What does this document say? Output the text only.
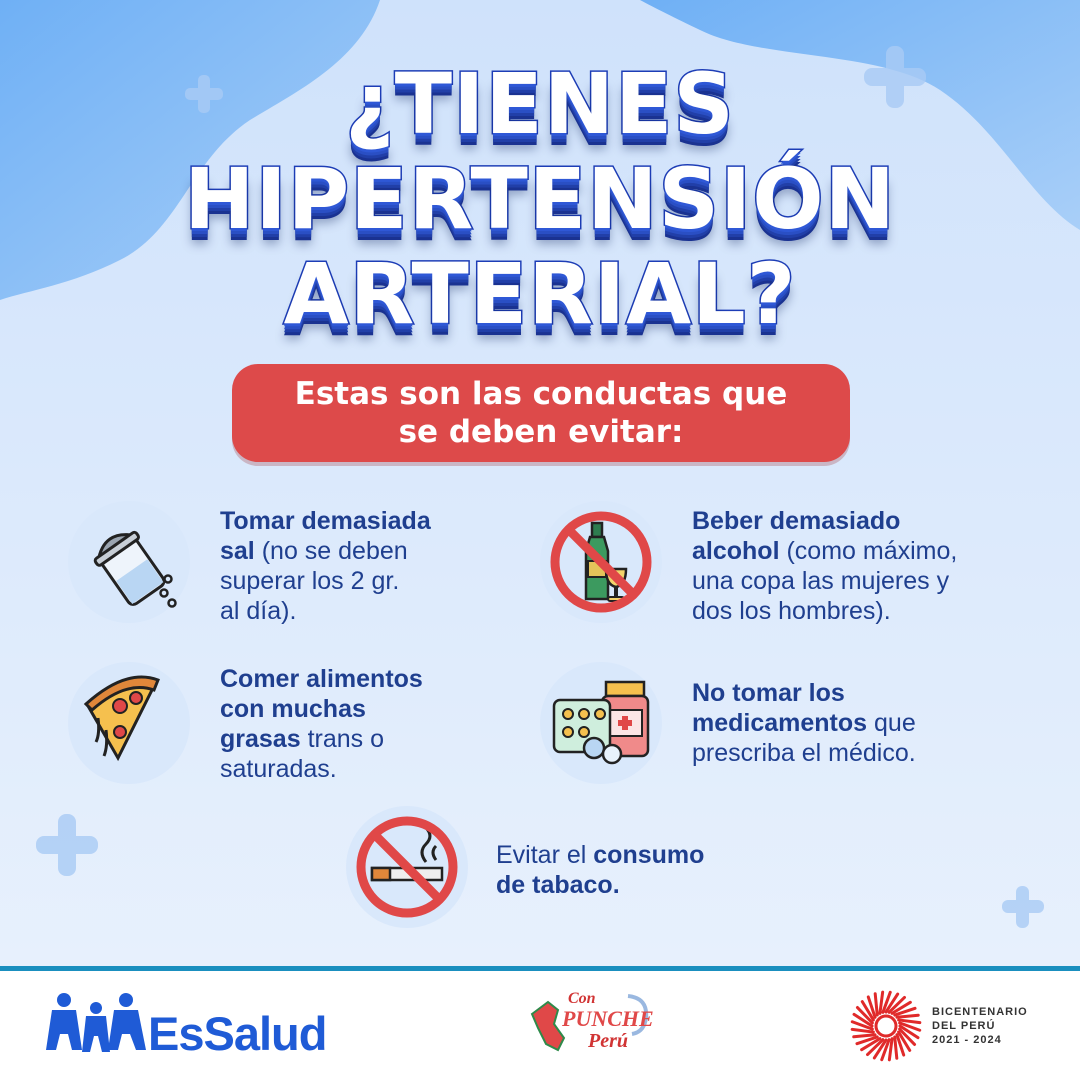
¿TIENES
HIPERTENSIÓN
ARTERIAL?
Estas son las conductas que
se deben evitar:
Tomar demasiada
sal (no se deben
superar los 2 gr.
al día).
Beber demasiado
alcohol (como máximo,
una copa las mujeres y
dos los hombres).
Comer alimentos
con muchas
grasas trans o
saturadas.
No tomar los
medicamentos que
prescriba el médico.
Evitar el consumo
de tabaco.
EsSalud
Con
PUNCHE
Perú
BICENTENARIO
DEL PERÚ
2021 - 2024
